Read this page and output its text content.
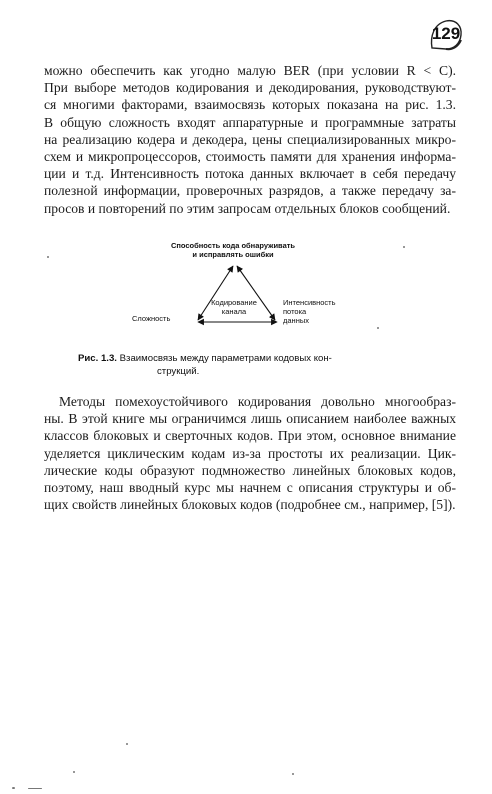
129
можно обеспечить как угодно малую BER (при условии R < C).
При выборе методов кодирования и декодирования, руководствуют-
ся многими факторами, взаимосвязь которых показана на рис. 1.3.
В общую сложность входят аппаратурные и программные затраты
на реализацию кодера и декодера, цены специализированных микро-
схем и микропроцессоров, стоимость памяти для хранения информа-
ции и т.д. Интенсивность потока данных включает в себя передачу
полезной информации, проверочных разрядов, а также передачу за-
просов и повторений по этим запросам отдельных блоков сообщений.
Способность кода обнаруживать
и исправлять ошибки
Кодирование
канала
Сложность
Интенсивность
потока
данных
Рис. 1.3. Взаимосвязь между параметрами кодовых кон-
струкций.
Методы помехоустойчивого кодирования довольно многообраз-
ны. В этой книге мы ограничимся лишь описанием наиболее важных
классов блоковых и сверточных кодов. При этом, основное внимание
уделяется циклическим кодам из-за простоты их реализации. Цик-
лические коды образуют подмножество линейных блоковых кодов,
поэтому, наш вводный курс мы начнем с описания структуры и об-
щих свойств линейных блоковых кодов (подробнее см., например, [5]).
